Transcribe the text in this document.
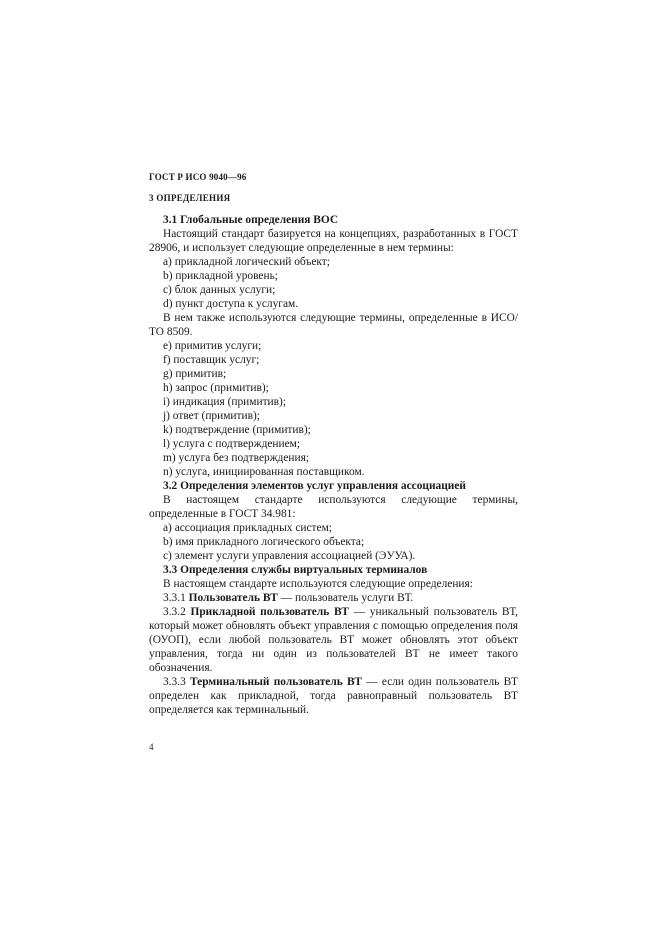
ГОСТ Р ИСО 9040—96
3 ОПРЕДЕЛЕНИЯ

3.1 Глобальные определения ВОС

Настоящий стандарт базируется на концепциях, разработанных в ГОСТ 28906, и использует следующие определенные в нем термины:

а) прикладной логический объект;

b) прикладной уровень;

c) блок данных услуги;

d) пункт доступа к услугам.

В нем также используются следующие термины, определенные в ИСО/ТО 8509.

е) примитив услуги;

f) поставщик услуг;

g) примитив;

h) запрос (примитив);

i) индикация (примитив);

j) ответ (примитив);

k) подтверждение (примитив);

l) услуга с подтверждением;

m) услуга без подтверждения;

n) услуга, инициированная поставщиком.

3.2 Определения элементов услуг управления ассоциацией

В настоящем стандарте используются следующие термины, определенные в ГОСТ 34.981:

а) ассоциация прикладных систем;

b) имя прикладного логического объекта;

c) элемент услуги управления ассоциацией (ЭУУА).

3.3 Определения службы виртуальных терминалов

В настоящем стандарте используются следующие определения:

3.3.1 Пользователь ВТ — пользователь услуги ВТ.

3.3.2 Прикладной пользователь ВТ — уникальный пользователь ВТ, который может обновлять объект управления с помощью определения поля (ОУОП), если любой пользователь ВТ может обновлять этот объект управления, тогда ни один из пользователей ВТ не имеет такого обозначения.

3.3.3 Терминальный пользователь ВТ — если один пользователь ВТ определен как прикладной, тогда равноправный пользователь ВТ определяется как терминальный.

4
